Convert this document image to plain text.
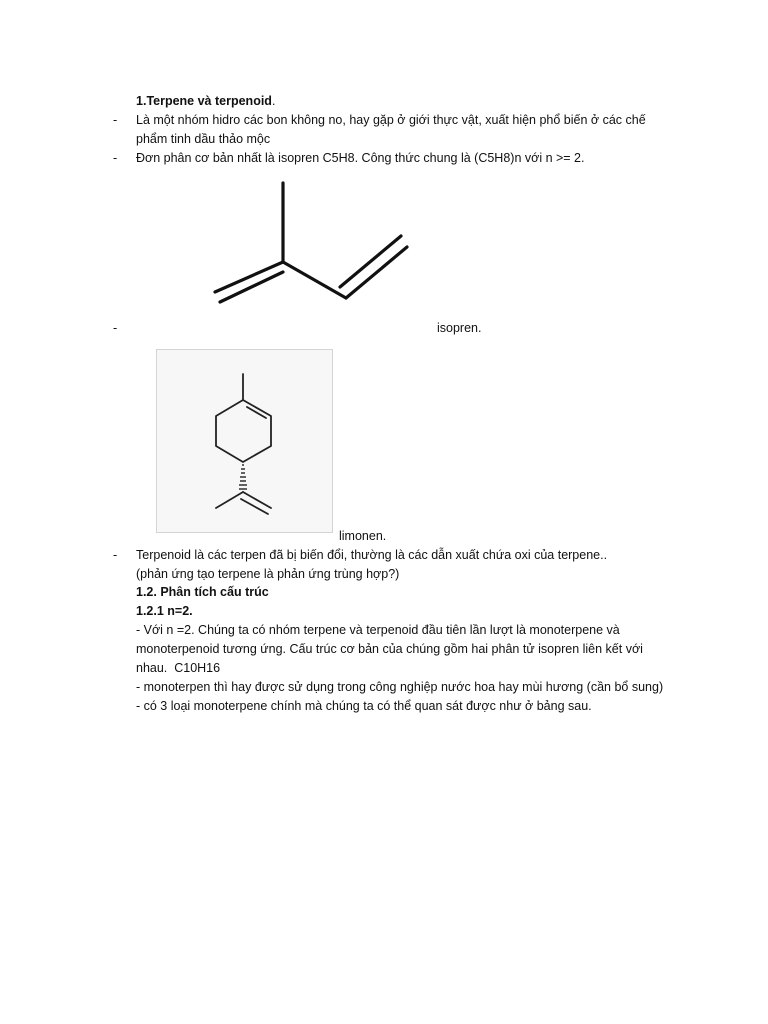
1.Terpene và terpenoid.
- Là một nhóm hidro các bon không no, hay gặp ở giới thực vật, xuất hiện phổ biến ở các chế
phẩm tinh dầu thảo mộc
- Đơn phân cơ bản nhất là isopren C5H8. Công thức chung là (C5H8)n với n >= 2.
-	isopren.
limonen.
- Terpenoid là các terpen đã bị biến đổi, thường là các dẫn xuất chứa oxi của terpene..
(phản ứng tạo terpene là phản ứng trùng hợp?)
1.2. Phân tích cấu trúc
1.2.1 n=2.
- Với n =2. Chúng ta có nhóm terpene và terpenoid đầu tiên lần lượt là monoterpene và
monoterpenoid tương ứng. Cấu trúc cơ bản của chúng gồm hai phân tử isopren liên kết với
nhau.  C10H16
- monoterpen thì hay được sử dụng trong công nghiệp nước hoa hay mùi hương (cần bổ sung)
- có 3 loại monoterpene chính mà chúng ta có thể quan sát được như ở bảng sau.
